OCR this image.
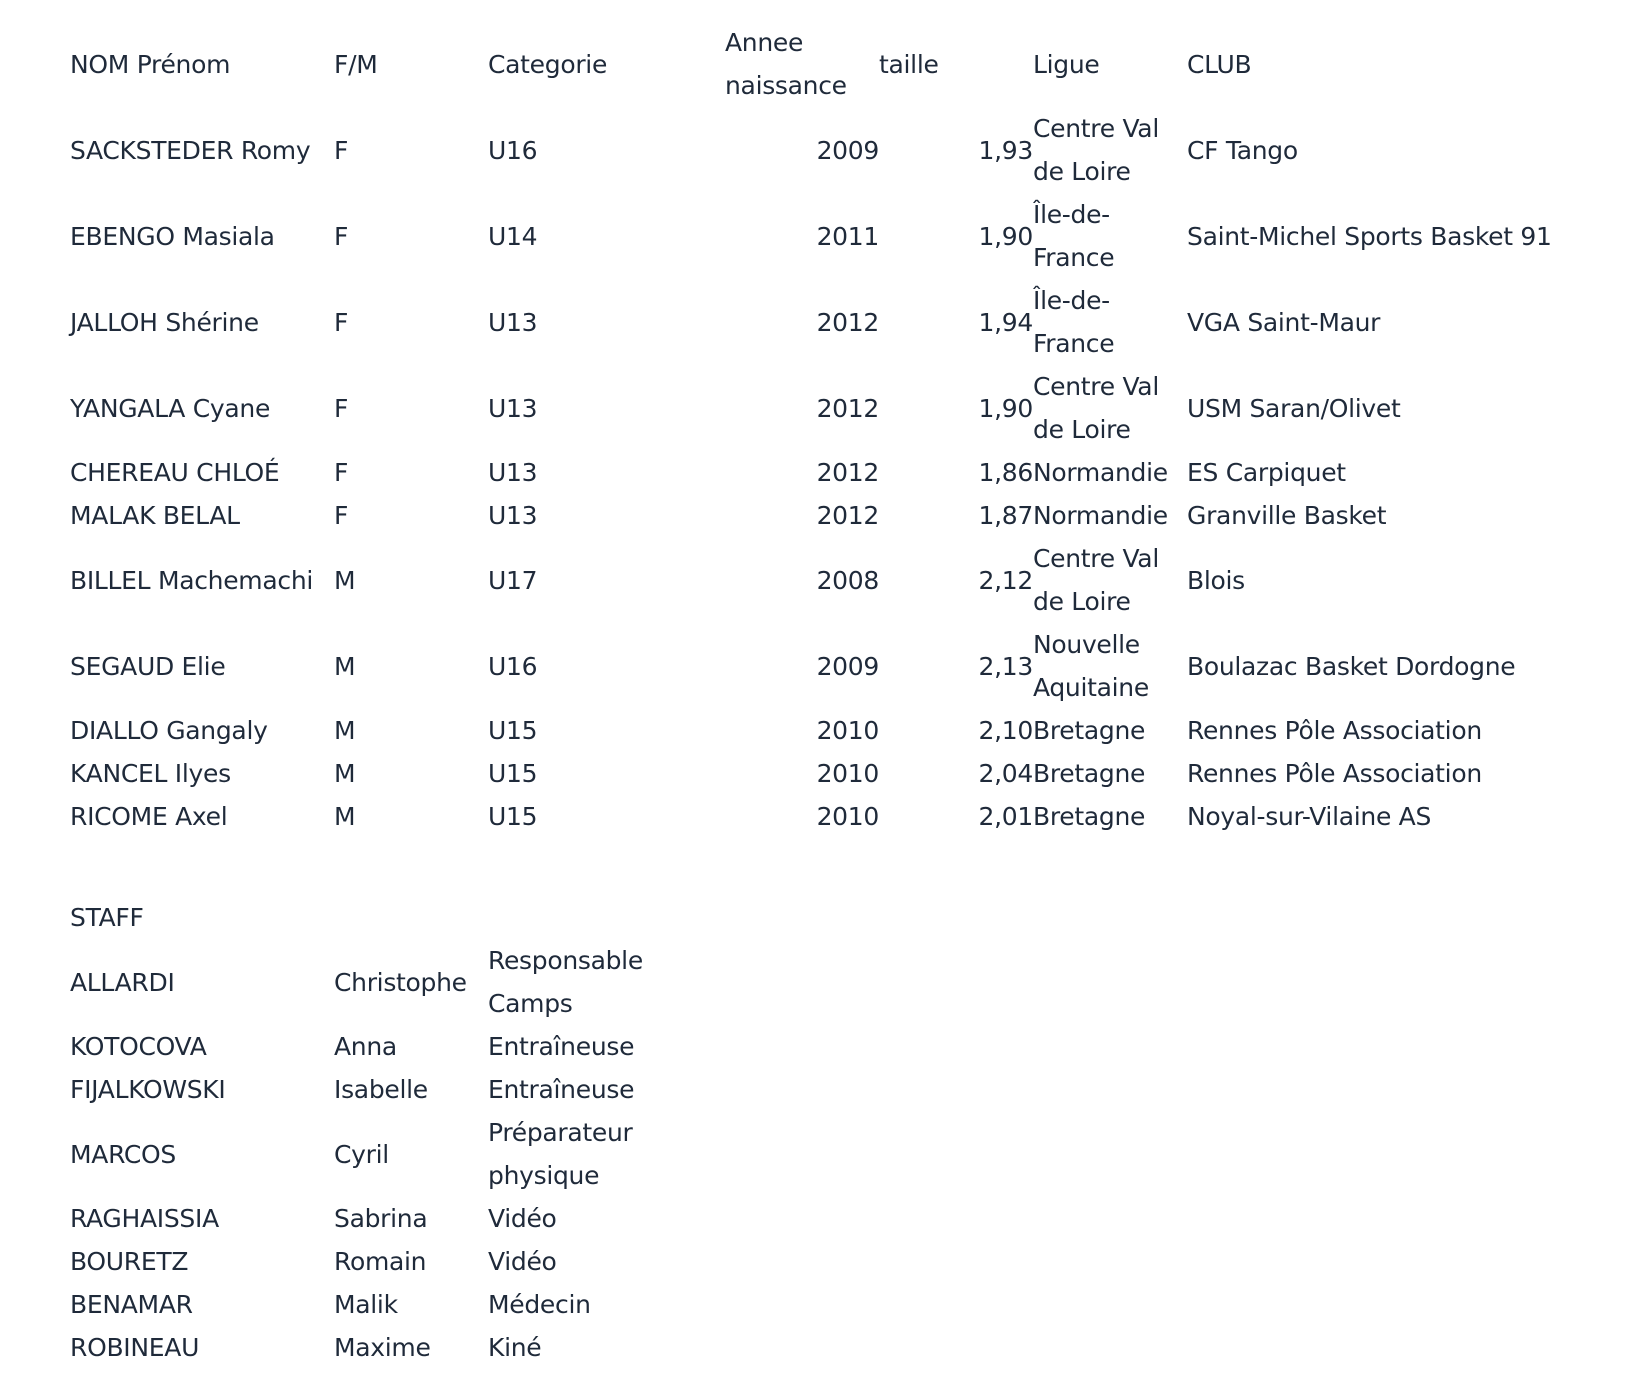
NOM Prénom	F/M	Categorie	Annee naissance	taille	Ligue	CLUB
SACKSTEDER Romy	F	U16	2009	1,93	Centre Val de Loire	CF Tango
EBENGO Masiala	F	U14	2011	1,90	Île-de-France	Saint-Michel Sports Basket 91
JALLOH Shérine	F	U13	2012	1,94	Île-de-France	VGA Saint-Maur
YANGALA Cyane	F	U13	2012	1,90	Centre Val de Loire	USM Saran/Olivet
CHEREAU CHLOÉ	F	U13	2012	1,86	Normandie	ES Carpiquet
MALAK BELAL	F	U13	2012	1,87	Normandie	Granville Basket
BILLEL Machemachi	M	U17	2008	2,12	Centre Val de Loire	Blois
SEGAUD Elie	M	U16	2009	2,13	Nouvelle Aquitaine	Boulazac Basket Dordogne
DIALLO Gangaly	M	U15	2010	2,10	Bretagne	Rennes Pôle Association
KANCEL Ilyes	M	U15	2010	2,04	Bretagne	Rennes Pôle Association
RICOME Axel	M	U15	2010	2,01	Bretagne	Noyal-sur-Vilaine AS
STAFF
ALLARDI	Christophe	Responsable Camps
KOTOCOVA	Anna	Entraîneuse
FIJALKOWSKI	Isabelle	Entraîneuse
MARCOS	Cyril	Préparateur physique
RAGHAISSIA	Sabrina	Vidéo
BOURETZ	Romain	Vidéo
BENAMAR	Malik	Médecin
ROBINEAU	Maxime	Kiné
